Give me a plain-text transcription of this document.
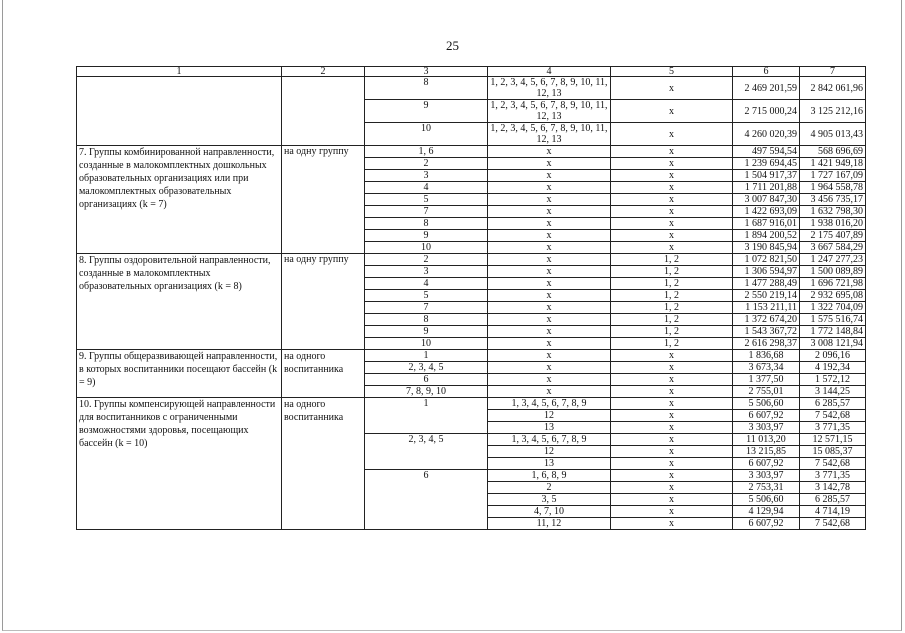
25
1	2	3	4	5	6	7
		8	1, 2, 3, 4, 5, 6, 7, 8, 9, 10, 11, 12, 13	х	2 469 201,59	2 842 061,96
		9	1, 2, 3, 4, 5, 6, 7, 8, 9, 10, 11, 12, 13	х	2 715 000,24	3 125 212,16
		10	1, 2, 3, 4, 5, 6, 7, 8, 9, 10, 11, 12, 13	х	4 260 020,39	4 905 013,43
7. Группы комбинированной направленности, созданные в малокомплектных дошкольных образовательных организациях или при малокомплектных образовательных организациях (k = 7)	на одну группу	1, 6	х	х	497 594,54	568 696,69
		2	х	х	1 239 694,45	1 421 949,18
		3	х	х	1 504 917,37	1 727 167,09
		4	х	х	1 711 201,88	1 964 558,78
		5	х	х	3 007 847,30	3 456 735,17
		7	х	х	1 422 693,09	1 632 798,30
		8	х	х	1 687 916,01	1 938 016,20
		9	х	х	1 894 200,52	2 175 407,89
		10	х	х	3 190 845,94	3 667 584,29
8. Группы оздоровительной направленности, созданные в малокомплектных образовательных организациях (k = 8)	на одну группу	2	х	1, 2	1 072 821,50	1 247 277,23
		3	х	1, 2	1 306 594,97	1 500 089,89
		4	х	1, 2	1 477 288,49	1 696 721,98
		5	х	1, 2	2 550 219,14	2 932 695,08
		7	х	1, 2	1 153 211,11	1 322 704,09
		8	х	1, 2	1 372 674,20	1 575 516,74
		9	х	1, 2	1 543 367,72	1 772 148,84
		10	х	1, 2	2 616 298,37	3 008 121,94
9. Группы общеразвивающей направленности, в которых воспитанники посещают бассейн (k = 9)	на одного воспитанника	1	х	х	1 836,68	2 096,16
		2, 3, 4, 5	х	х	3 673,34	4 192,34
		6	х	х	1 377,50	1 572,12
		7, 8, 9, 10	х	х	2 755,01	3 144,25
10. Группы компенсирующей направленности для воспитанников с ограниченными возможностями здоровья, посещающих бассейн (k = 10)	на одного воспитанника	1	1, 3, 4, 5, 6, 7, 8, 9	х	5 506,60	6 285,57
			12	х	6 607,92	7 542,68
			13	х	3 303,97	3 771,35
		2, 3, 4, 5	1, 3, 4, 5, 6, 7, 8, 9	х	11 013,20	12 571,15
			12	х	13 215,85	15 085,37
			13	х	6 607,92	7 542,68
		6	1, 6, 8, 9	х	3 303,97	3 771,35
			2	х	2 753,31	3 142,78
			3, 5	х	5 506,60	6 285,57
			4, 7, 10	х	4 129,94	4 714,19
			11, 12	х	6 607,92	7 542,68
